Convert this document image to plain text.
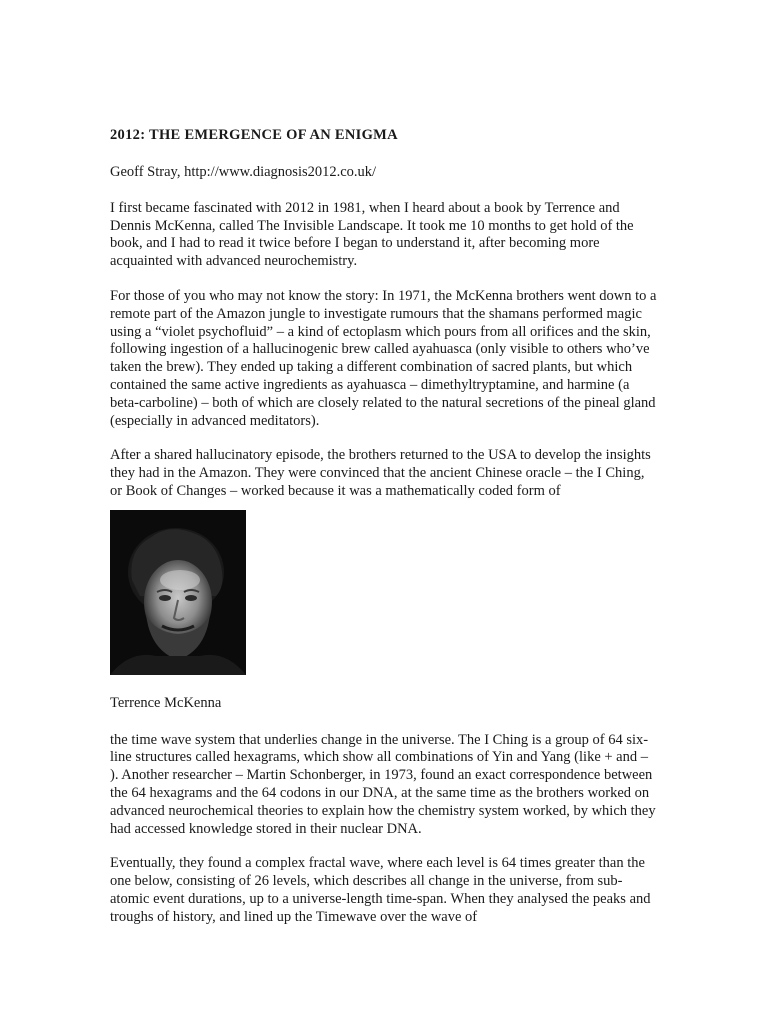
2012: THE EMERGENCE OF AN ENIGMA

Geoff Stray, http://www.diagnosis2012.co.uk/

I first became fascinated with 2012 in 1981, when I heard about a book by Terrence and Dennis McKenna, called The Invisible Landscape. It took me 10 months to get hold of the book, and I had to read it twice before I began to understand it, after becoming more acquainted with advanced neurochemistry.

For those of you who may not know the story: In 1971, the McKenna brothers went down to a remote part of the Amazon jungle to investigate rumours that the shamans performed magic using a “violet psychofluid” – a kind of ectoplasm which pours from all orifices and the skin, following ingestion of a hallucinogenic brew called ayahuasca (only visible to others who’ve taken the brew). They ended up taking a different combination of sacred plants, but which contained the same active ingredients as ayahuasca – dimethyltryptamine, and harmine (a beta-carboline) – both of which are closely related to the natural secretions of the pineal gland (especially in advanced meditators).

After a shared hallucinatory episode, the brothers returned to the USA to develop the insights they had in the Amazon. They were convinced that the ancient Chinese oracle – the I Ching, or Book of Changes – worked because it was a mathematically coded form of

Terrence McKenna

the time wave system that underlies change in the universe. The I Ching is a group of 64 six-line structures called hexagrams, which show all combinations of Yin and Yang (like + and – ). Another researcher – Martin Schonberger, in 1973, found an exact correspondence between the 64 hexagrams and the 64 codons in our DNA, at the same time as the brothers worked on advanced neurochemical theories to explain how the chemistry system worked, by which they had accessed knowledge stored in their nuclear DNA.

Eventually, they found a complex fractal wave, where each level is 64 times greater than the one below, consisting of 26 levels, which describes all change in the universe, from sub-atomic event durations, up to a universe-length time-span. When they analysed the peaks and troughs of history, and lined up the Timewave over the wave of
